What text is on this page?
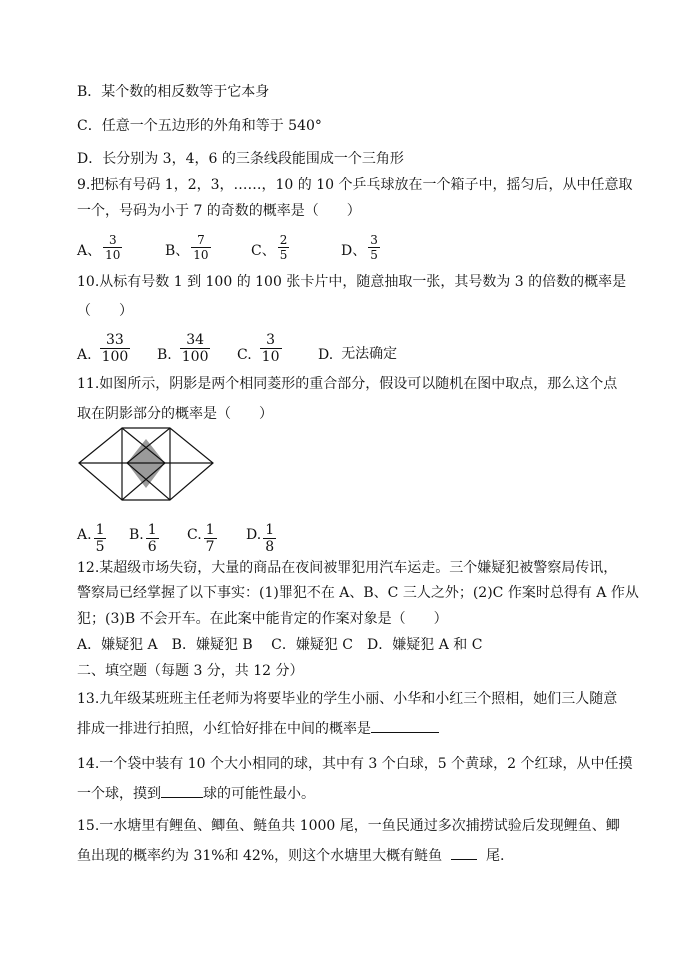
B．某个数的相反数等于它本身
C．任意一个五边形的外角和等于 540°
D．长分别为 3，4，6 的三条线段能围成一个三角形
9.把标有号码 1，2，3，……，10 的 10 个乒乓球放在一个箱子中，摇匀后，从中任意取
一个，号码为小于 7 的奇数的概率是（　　）
A、 $\frac{3}{10}$	B、 $\frac{7}{10}$	C、 $\frac{2}{5}$	D、 $\frac{3}{5}$
10.从标有号数 1 到 100 的 100 张卡片中，随意抽取一张，其号数为 3 的倍数的概率是
（　　）
A. $\frac{33}{100} B$. $\frac{34}{100} C$. $\frac{3}{10}$	D. 无法确定
11.如图所示，阴影是两个相同菱形的重合部分，假设可以随机在图中取点，那么这个点
取在阴影部分的概率是（　　）
A. $\frac{1}{5} B$. $\frac{1}{6} C$. $\frac{1}{7} D$. $\frac{1}{8}$
12.某超级市场失窃，大量的商品在夜间被罪犯用汽车运走。三个嫌疑犯被警察局传讯，
警察局已经掌握了以下事实：(1)罪犯不在 A、B、C 三人之外；(2)C 作案时总得有 A 作从
犯；(3)B 不会开车。在此案中能肯定的作案对象是（　　）
A．嫌疑犯 A　B．嫌疑犯 B　 C．嫌疑犯 C　D．嫌疑犯 A 和 C
二、填空题（每题 3 分，共 12 分）
13.九年级某班班主任老师为将要毕业的学生小丽、小华和小红三个照相，她们三人随意
排成一排进行拍照，小红恰好排在中间的概率是
14.一个袋中装有 10 个大小相同的球，其中有 3 个白球，5 个黄球，2 个红球，从中任摸
一个球，摸到	球的可能性最小。
15.一水塘里有鲤鱼、鲫鱼、鲢鱼共 1000 尾，一鱼民通过多次捕捞试验后发现鲤鱼、鲫
鱼出现的概率约为 31%和 42%，则这个水塘里大概有鲢鱼	尾.
